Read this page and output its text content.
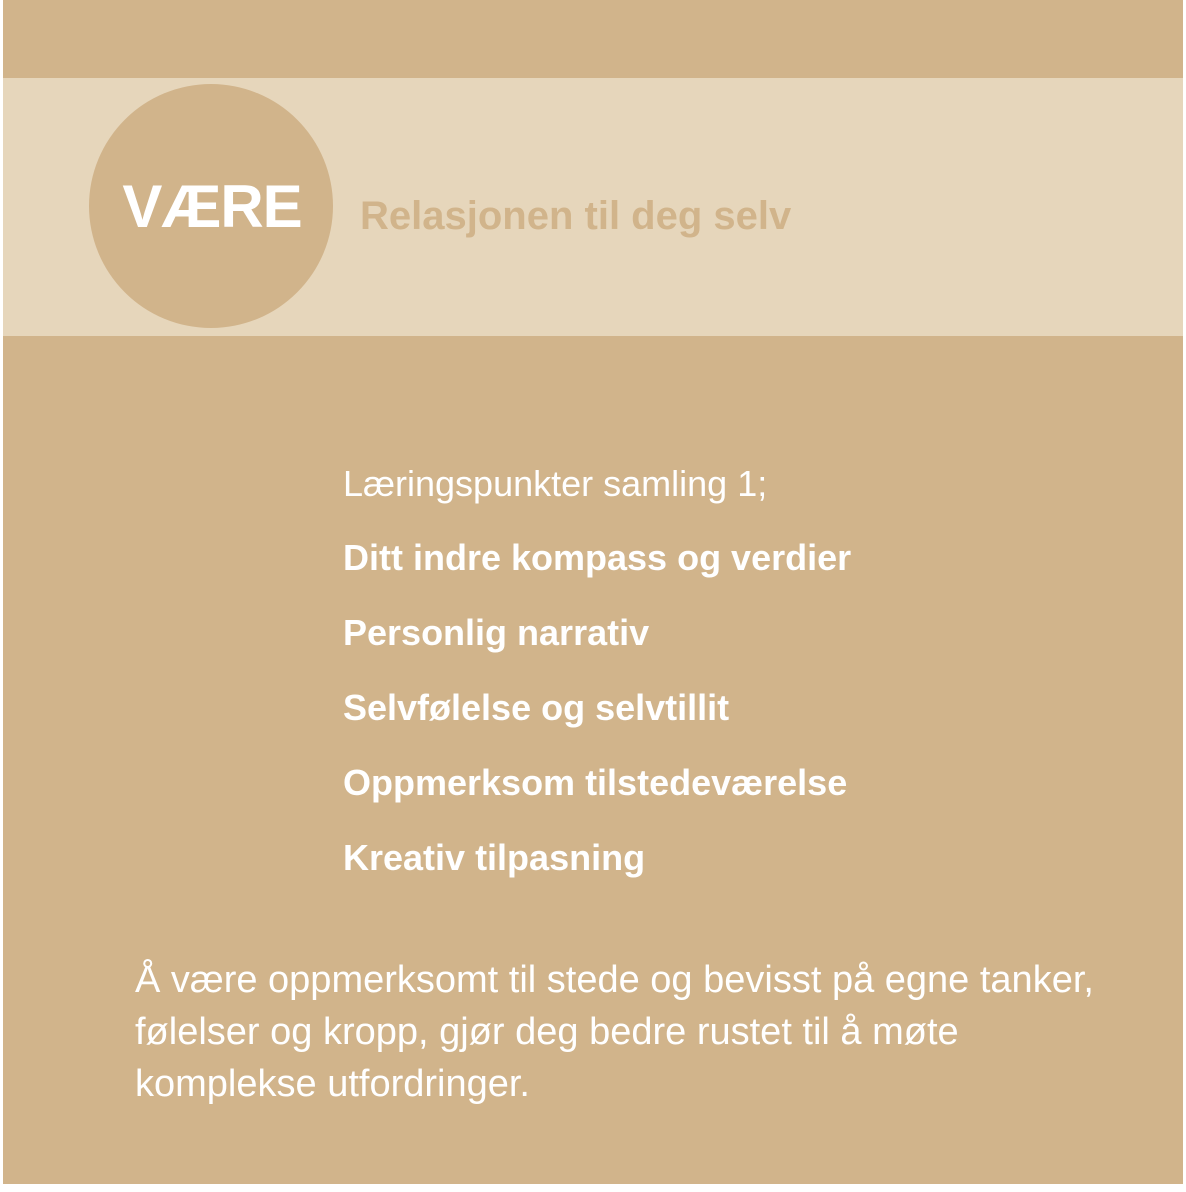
VÆRE	Relasjonen til deg selv
Læringspunkter samling 1;
Ditt indre kompass og verdier
Personlig narrativ
Selvfølelse og selvtillit
Oppmerksom tilstedeværelse
Kreativ tilpasning

Å være oppmerksomt til stede og bevisst på egne tanker, følelser og kropp, gjør deg bedre rustet til å møte komplekse utfordringer.
